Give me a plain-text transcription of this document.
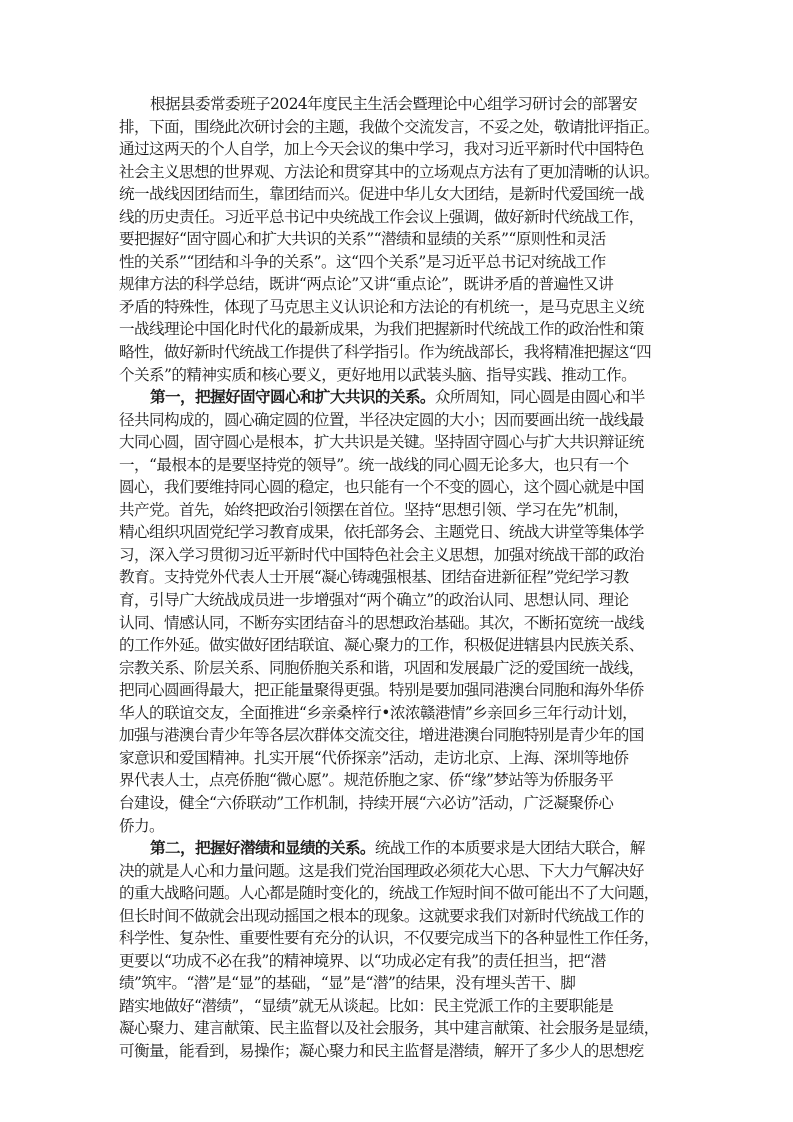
根据县委常委班子2024年度民主生活会暨理论中心组学习研讨会的部署安
排，下面，围绕此次研讨会的主题，我做个交流发言，不妥之处，敬请批评指正。
通过这两天的个人自学，加上今天会议的集中学习，我对习近平新时代中国特色
社会主义思想的世界观、方法论和贯穿其中的立场观点方法有了更加清晰的认识。
统一战线因团结而生，靠团结而兴。促进中华儿女大团结，是新时代爱国统一战
线的历史责任。习近平总书记中央统战工作会议上强调，做好新时代统战工作，
要把握好“固守圆心和扩大共识的关系”“潜绩和显绩的关系”“原则性和灵活
性的关系”“团结和斗争的关系”。这“四个关系”是习近平总书记对统战工作
规律方法的科学总结，既讲“两点论”又讲“重点论”，既讲矛盾的普遍性又讲
矛盾的特殊性，体现了马克思主义认识论和方法论的有机统一，是马克思主义统
一战线理论中国化时代化的最新成果，为我们把握新时代统战工作的政治性和策
略性，做好新时代统战工作提供了科学指引。作为统战部长，我将精准把握这“四
个关系”的精神实质和核心要义，更好地用以武装头脑、指导实践、推动工作。
第一，把握好固守圆心和扩大共识的关系。众所周知，同心圆是由圆心和半
径共同构成的，圆心确定圆的位置，半径决定圆的大小；因而要画出统一战线最
大同心圆，固守圆心是根本，扩大共识是关键。坚持固守圆心与扩大共识辩证统
一，“最根本的是要坚持党的领导”。统一战线的同心圆无论多大，也只有一个
圆心，我们要维持同心圆的稳定，也只能有一个不变的圆心，这个圆心就是中国
共产党。首先，始终把政治引领摆在首位。坚持“思想引领、学习在先”机制，
精心组织巩固党纪学习教育成果，依托部务会、主题党日、统战大讲堂等集体学
习，深入学习贯彻习近平新时代中国特色社会主义思想，加强对统战干部的政治
教育。支持党外代表人士开展“凝心铸魂强根基、团结奋进新征程”党纪学习教
育，引导广大统战成员进一步增强对“两个确立”的政治认同、思想认同、理论
认同、情感认同，不断夯实团结奋斗的思想政治基础。其次，不断拓宽统一战线
的工作外延。做实做好团结联谊、凝心聚力的工作，积极促进辖县内民族关系、
宗教关系、阶层关系、同胞侨胞关系和谐，巩固和发展最广泛的爱国统一战线，
把同心圆画得最大，把正能量聚得更强。特别是要加强同港澳台同胞和海外华侨
华人的联谊交友，全面推进“乡亲桑梓行•浓浓赣港情”乡亲回乡三年行动计划，
加强与港澳台青少年等各层次群体交流交往，增进港澳台同胞特别是青少年的国
家意识和爱国精神。扎实开展“代侨探亲”活动，走访北京、上海、深圳等地侨
界代表人士，点亮侨胞“微心愿”。规范侨胞之家、侨“缘”梦站等为侨服务平
台建设，健全“六侨联动”工作机制，持续开展“六必访”活动，广泛凝聚侨心
侨力。
第二，把握好潜绩和显绩的关系。统战工作的本质要求是大团结大联合，解
决的就是人心和力量问题。这是我们党治国理政必须花大心思、下大力气解决好
的重大战略问题。人心都是随时变化的，统战工作短时间不做可能出不了大问题，
但长时间不做就会出现动摇国之根本的现象。这就要求我们对新时代统战工作的
科学性、复杂性、重要性要有充分的认识，不仅要完成当下的各种显性工作任务，
更要以“功成不必在我”的精神境界、以“功成必定有我”的责任担当，把“潜
绩”筑牢。“潜”是“显”的基础，“显”是“潜”的结果，没有埋头苦干、脚
踏实地做好“潜绩”，“显绩”就无从谈起。比如：民主党派工作的主要职能是
凝心聚力、建言献策、民主监督以及社会服务，其中建言献策、社会服务是显绩，
可衡量，能看到，易操作；凝心聚力和民主监督是潜绩，解开了多少人的思想疙
